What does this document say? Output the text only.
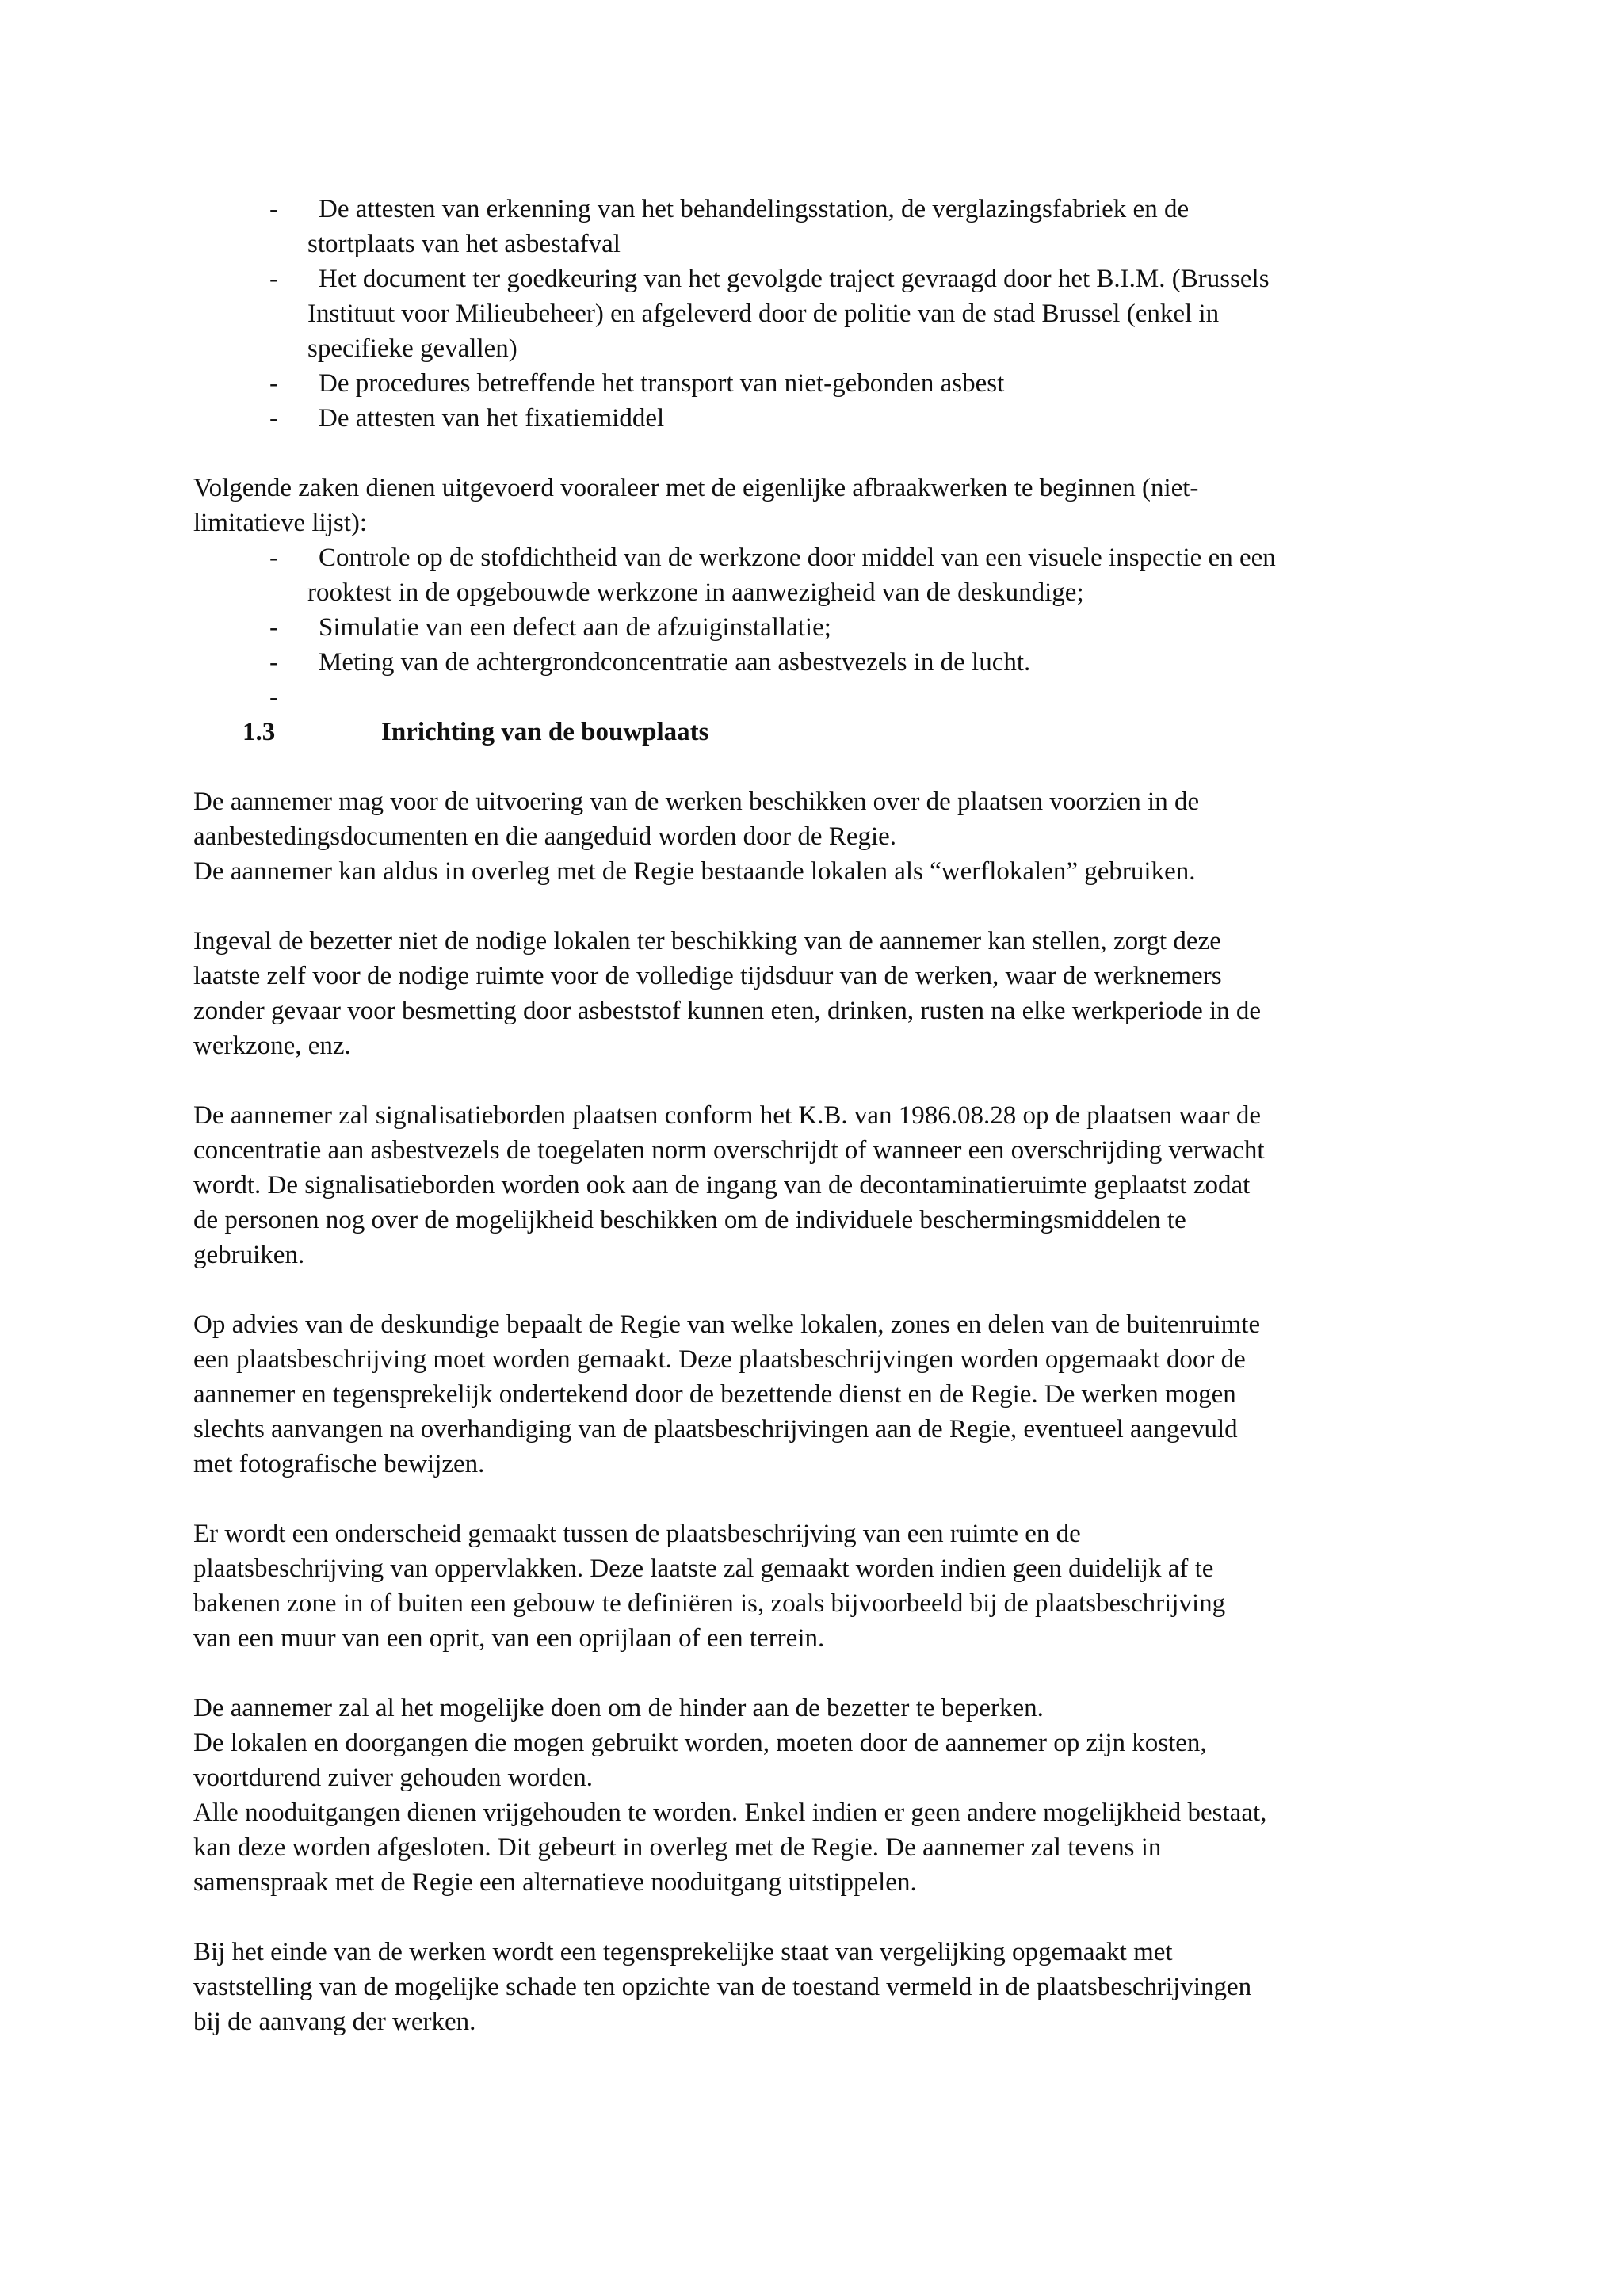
-	De attesten van erkenning van het behandelingsstation, de verglazingsfabriek en de
stortplaats van het asbestafval
-	Het document ter goedkeuring van het gevolgde traject gevraagd door het B.I.M. (Brussels
Instituut voor Milieubeheer) en afgeleverd door de politie van de stad Brussel (enkel in
specifieke gevallen)
-	De procedures betreffende het transport van niet-gebonden asbest
-	De attesten van het fixatiemiddel

Volgende zaken dienen uitgevoerd vooraleer met de eigenlijke afbraakwerken te beginnen (niet-
limitatieve lijst):

-	Controle op de stofdichtheid van de werkzone door middel van een visuele inspectie en een
rooktest in de opgebouwde werkzone in aanwezigheid van de deskundige;
-	Simulatie van een defect aan de afzuiginstallatie;
-	Meting van de achtergrondconcentratie aan asbestvezels in de lucht.
-

1.3	Inrichting van de bouwplaats

De aannemer mag voor de uitvoering van de werken beschikken over de plaatsen voorzien in de
aanbestedingsdocumenten en die aangeduid worden door de Regie.
De aannemer kan aldus in overleg met de Regie bestaande lokalen als “werflokalen” gebruiken.

Ingeval de bezetter niet de nodige lokalen ter beschikking van de aannemer kan stellen, zorgt deze
laatste zelf voor de nodige ruimte voor de volledige tijdsduur van de werken, waar de werknemers
zonder gevaar voor besmetting door asbeststof kunnen eten, drinken, rusten na elke werkperiode in de
werkzone, enz.

De aannemer zal signalisatieborden plaatsen conform het K.B. van 1986.08.28 op de plaatsen waar de
concentratie aan asbestvezels de toegelaten norm overschrijdt of wanneer een overschrijding verwacht
wordt. De signalisatieborden worden ook aan de ingang van de decontaminatieruimte geplaatst zodat
de personen nog over de mogelijkheid beschikken om de individuele beschermingsmiddelen te
gebruiken.

Op advies van de deskundige bepaalt de Regie van welke lokalen, zones en delen van de buitenruimte
een plaatsbeschrijving moet worden gemaakt. Deze plaatsbeschrijvingen worden opgemaakt door de
aannemer en tegensprekelijk ondertekend door de bezettende dienst en de Regie. De werken mogen
slechts aanvangen na overhandiging van de plaatsbeschrijvingen aan de Regie, eventueel aangevuld
met fotografische bewijzen.

Er wordt een onderscheid gemaakt tussen de plaatsbeschrijving van een ruimte en de
plaatsbeschrijving van oppervlakken. Deze laatste zal gemaakt worden indien geen duidelijk af te
bakenen zone in of buiten een gebouw te definiëren is, zoals bijvoorbeeld bij de plaatsbeschrijving
van een muur van een oprit, van een oprijlaan of een terrein.

De aannemer zal al het mogelijke doen om de hinder aan de bezetter te beperken.
De lokalen en doorgangen die mogen gebruikt worden, moeten door de aannemer op zijn kosten,
voortdurend zuiver gehouden worden.
Alle nooduitgangen dienen vrijgehouden te worden. Enkel indien er geen andere mogelijkheid bestaat,
kan deze worden afgesloten. Dit gebeurt in overleg met de Regie. De aannemer zal tevens in
samenspraak met de Regie een alternatieve nooduitgang uitstippelen.

Bij het einde van de werken wordt een tegensprekelijke staat van vergelijking opgemaakt met
vaststelling van de mogelijke schade ten opzichte van de toestand vermeld in de plaatsbeschrijvingen
bij de aanvang der werken.
